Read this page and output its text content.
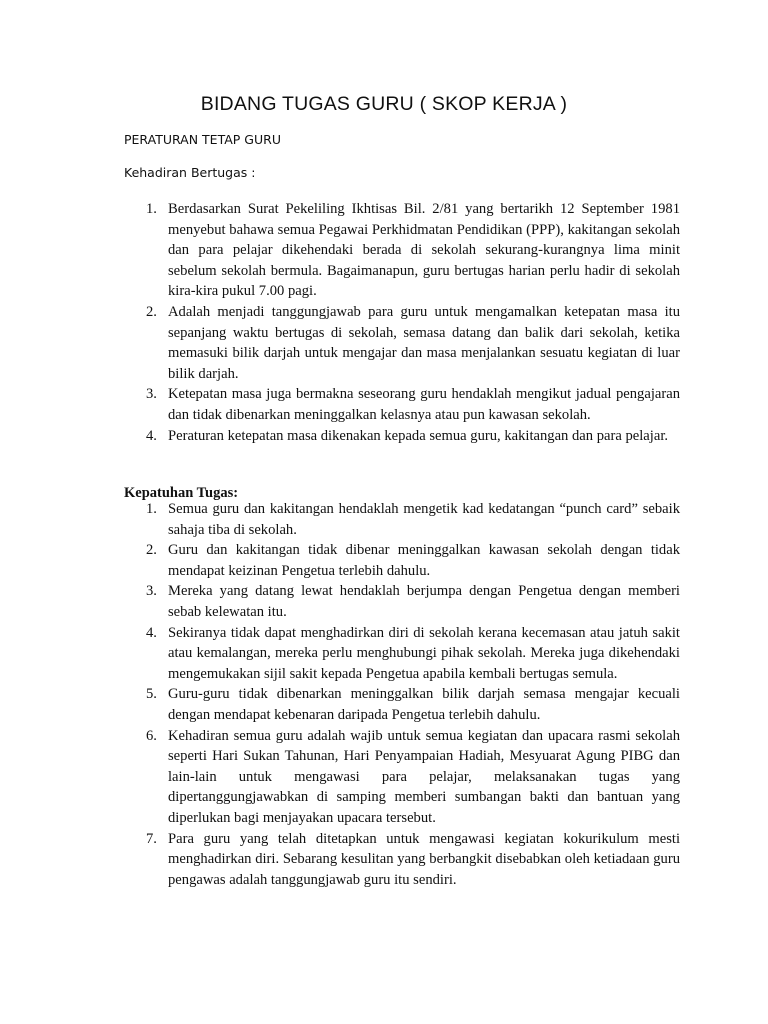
BIDANG TUGAS GURU ( SKOP KERJA )

PERATURAN TETAP GURU

Kehadiran Bertugas :

1. Berdasarkan Surat Pekeliling Ikhtisas Bil. 2/81 yang bertarikh 12 September 1981 menyebut bahawa semua Pegawai Perkhidmatan Pendidikan (PPP), kakitangan sekolah dan para pelajar dikehendaki berada di sekolah sekurang-kurangnya lima minit sebelum sekolah bermula. Bagaimanapun, guru bertugas harian perlu hadir di sekolah kira-kira pukul 7.00 pagi.
2. Adalah menjadi tanggungjawab para guru untuk mengamalkan ketepatan masa itu sepanjang waktu bertugas di sekolah, semasa datang dan balik dari sekolah, ketika memasuki bilik darjah untuk mengajar dan masa menjalankan sesuatu kegiatan di luar bilik darjah.
3. Ketepatan masa juga bermakna seseorang guru hendaklah mengikut jadual pengajaran dan tidak dibenarkan meninggalkan kelasnya atau pun kawasan sekolah.
4. Peraturan ketepatan masa dikenakan kepada semua guru, kakitangan dan para pelajar.

Kepatuhan Tugas:

1. Semua guru dan kakitangan hendaklah mengetik kad kedatangan “punch card” sebaik sahaja tiba di sekolah.
2. Guru dan kakitangan tidak dibenar meninggalkan kawasan sekolah dengan tidak mendapat keizinan Pengetua terlebih dahulu.
3. Mereka yang datang lewat hendaklah berjumpa dengan Pengetua dengan memberi sebab kelewatan itu.
4. Sekiranya tidak dapat menghadirkan diri di sekolah kerana kecemasan atau jatuh sakit atau kemalangan, mereka perlu menghubungi pihak sekolah. Mereka juga dikehendaki mengemukakan sijil sakit kepada Pengetua apabila kembali bertugas semula.
5. Guru-guru tidak dibenarkan meninggalkan bilik darjah semasa mengajar kecuali dengan mendapat kebenaran daripada Pengetua terlebih dahulu.
6. Kehadiran semua guru adalah wajib untuk semua kegiatan dan upacara rasmi sekolah seperti Hari Sukan Tahunan, Hari Penyampaian Hadiah, Mesyuarat Agung PIBG dan lain-lain untuk mengawasi para pelajar, melaksanakan tugas yang dipertanggungjawabkan di samping memberi sumbangan bakti dan bantuan yang diperlukan bagi menjayakan upacara tersebut.
7. Para guru yang telah ditetapkan untuk mengawasi kegiatan kokurikulum mesti menghadirkan diri. Sebarang kesulitan yang berbangkit disebabkan oleh ketiadaan guru pengawas adalah tanggungjawab guru itu sendiri.
